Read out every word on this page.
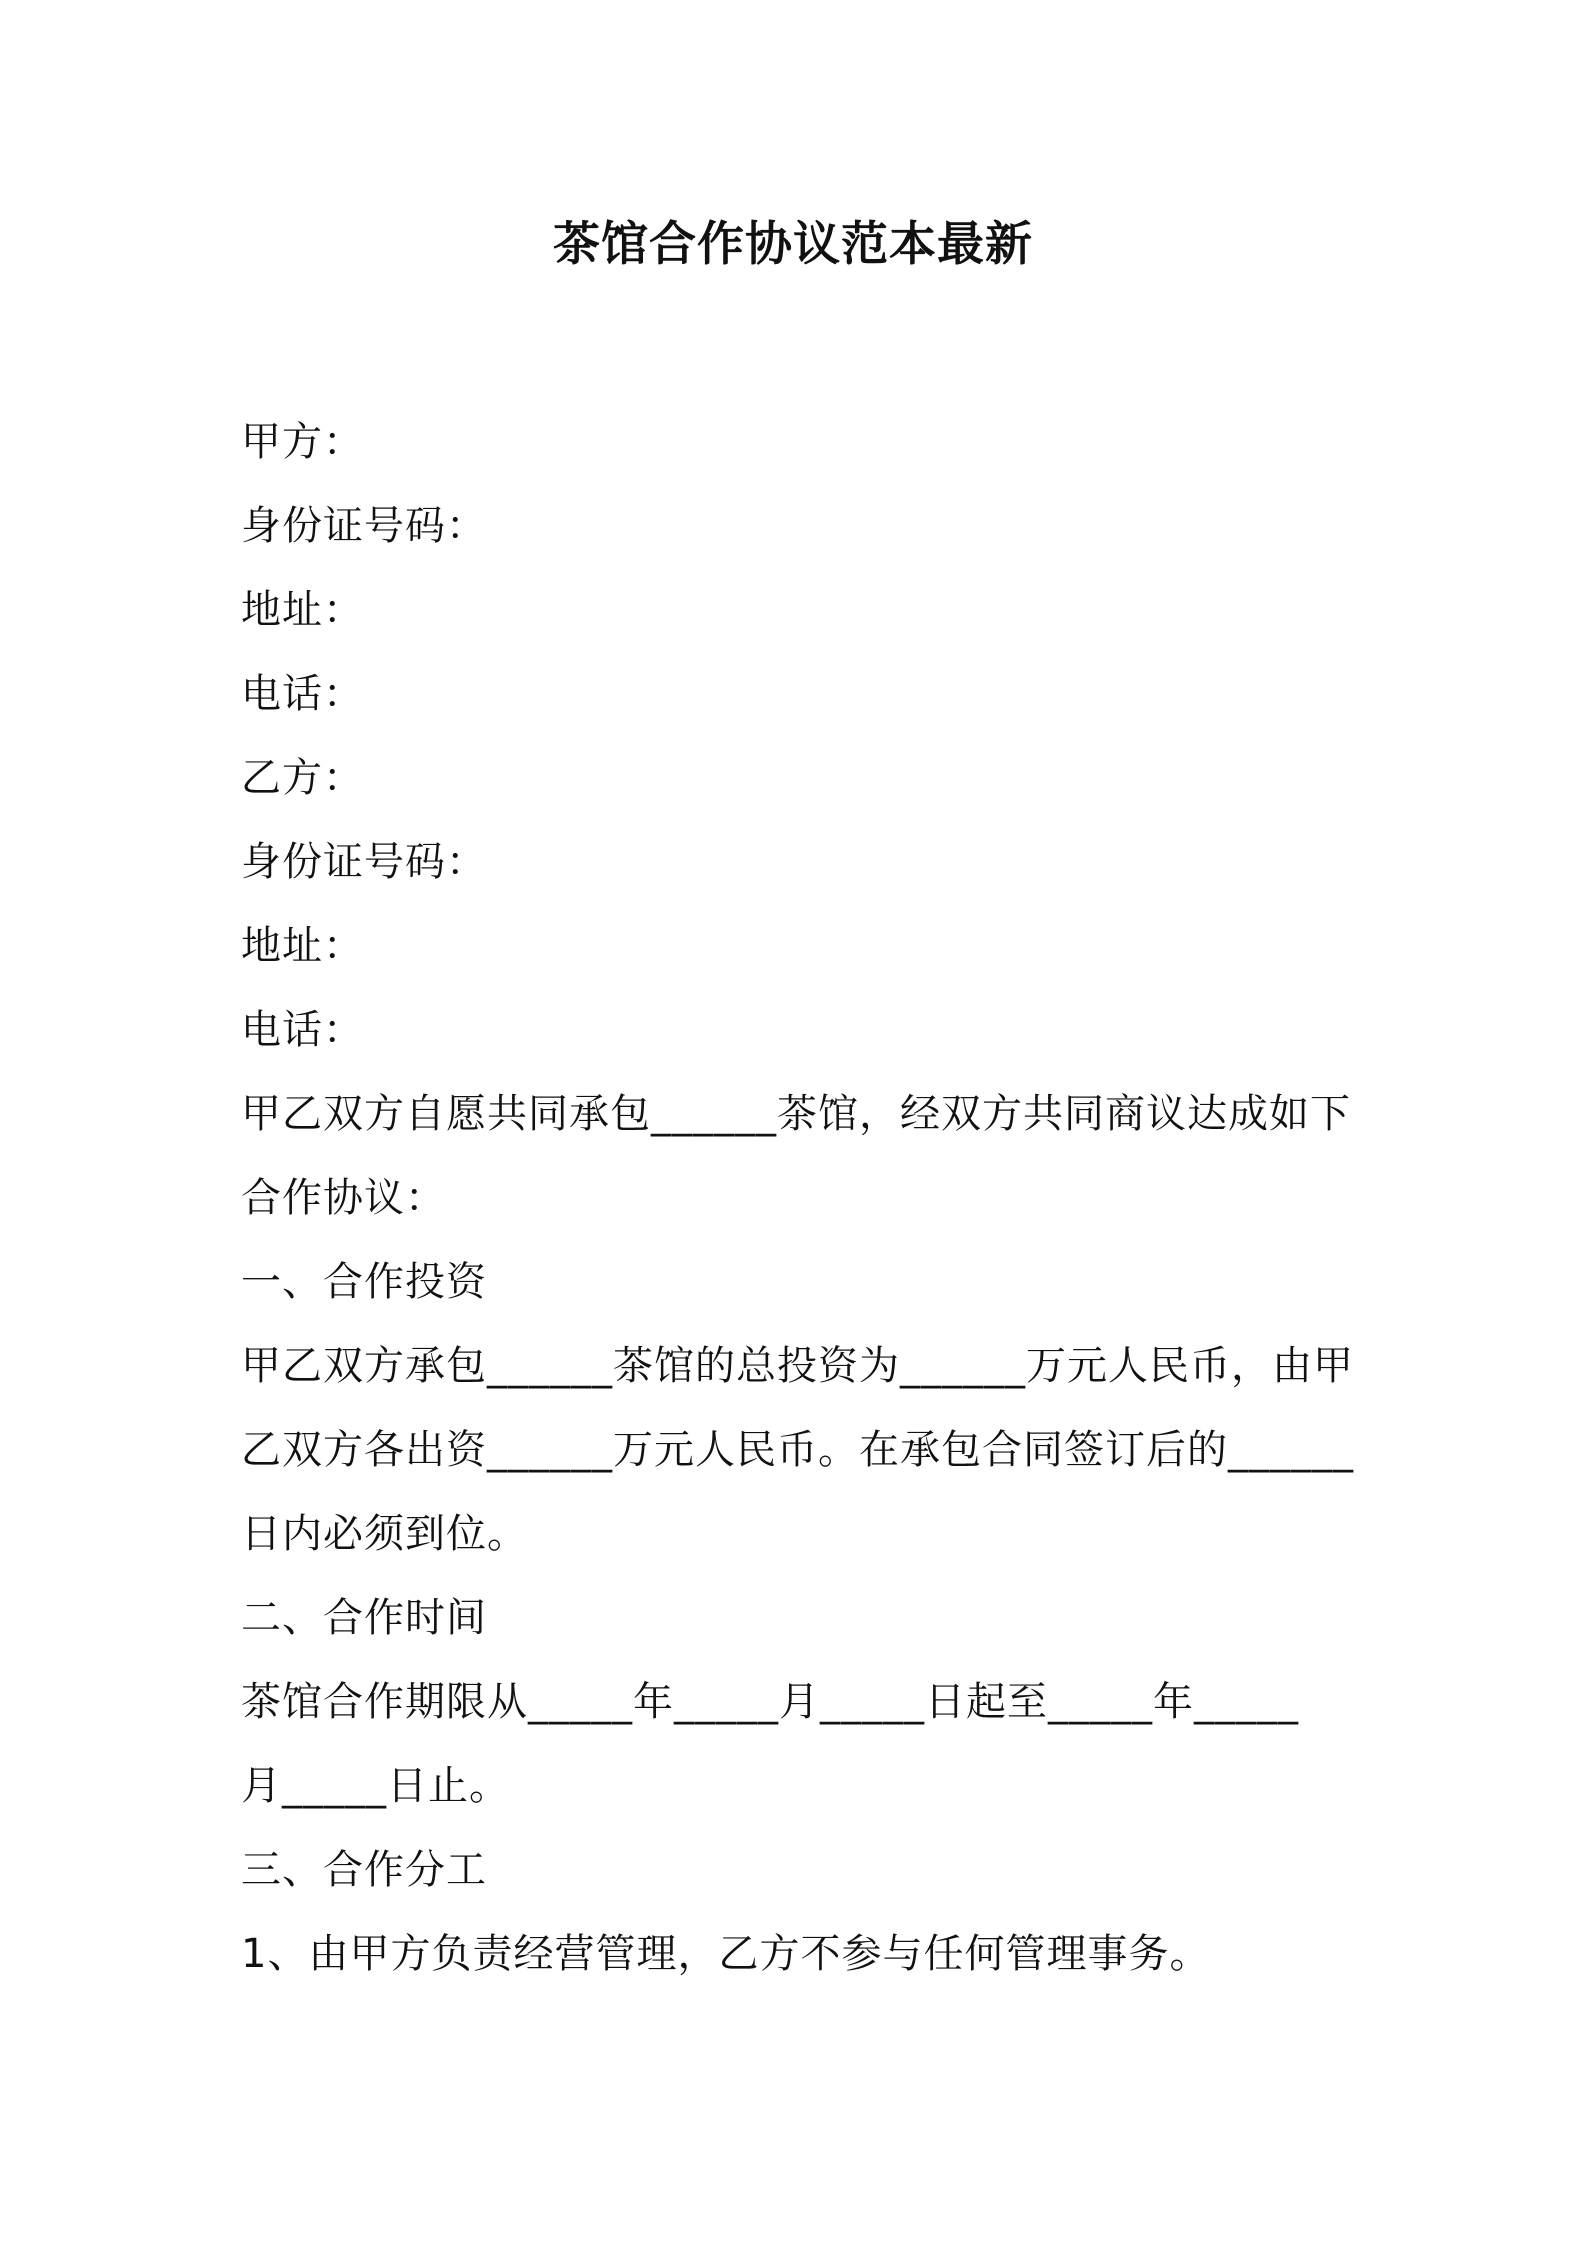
茶馆合作协议范本最新
甲方：
身份证号码：
地址：
电话：
乙方：
身份证号码：
地址：
电话：
甲乙双方自愿共同承包______茶馆，经双方共同商议达成如下
合作协议：
一、合作投资
甲乙双方承包______茶馆的总投资为______万元人民币，由甲
乙双方各出资______万元人民币。在承包合同签订后的______
日内必须到位。
二、合作时间
茶馆合作期限从_____年_____月_____日起至_____年_____
月_____日止。
三、合作分工
1、由甲方负责经营管理，乙方不参与任何管理事务。
